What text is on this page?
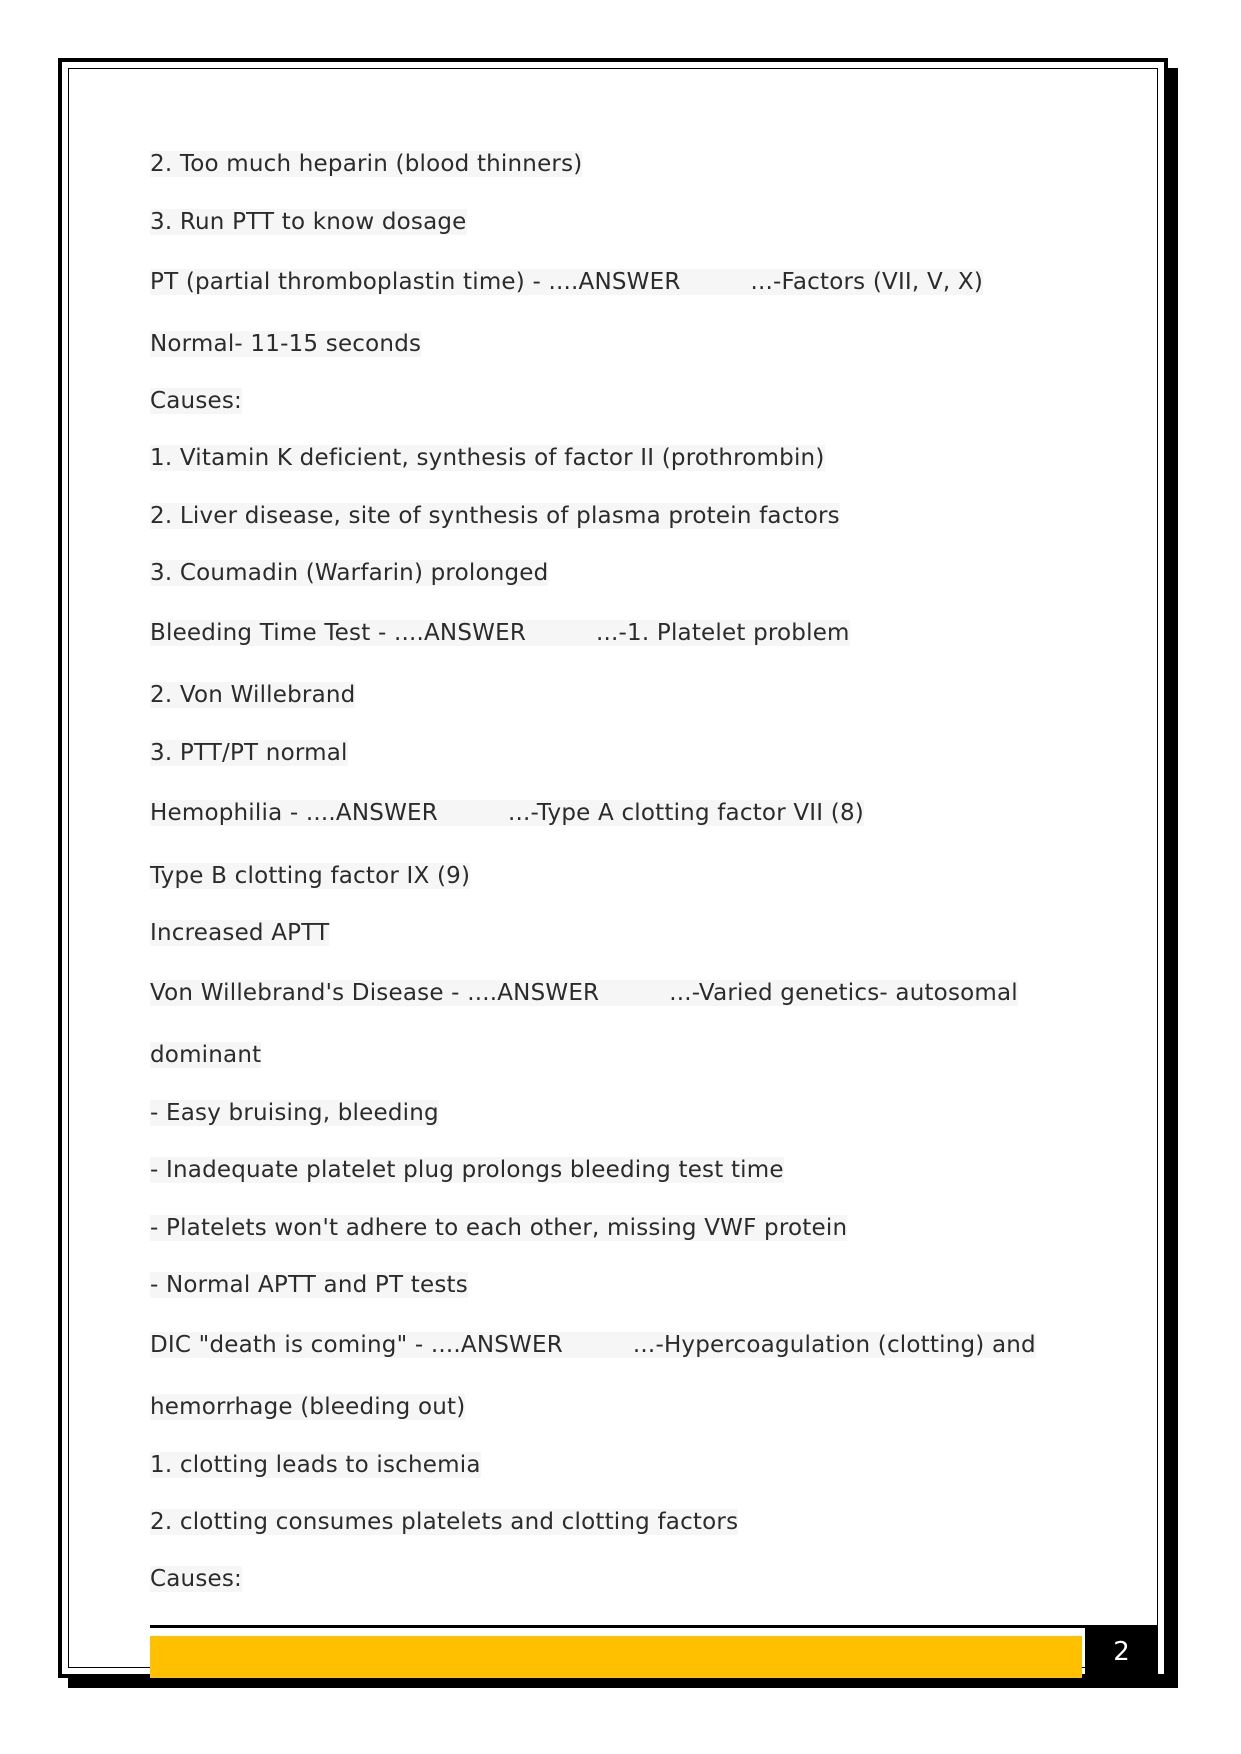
2. Too much heparin (blood thinners)
3. Run PTT to know dosage
PT (partial thromboplastin time) - ....ANSWER	...-Factors (VII, V, X)
Normal- 11-15 seconds
Causes:
1. Vitamin K deficient, synthesis of factor II (prothrombin)
2. Liver disease, site of synthesis of plasma protein factors
3. Coumadin (Warfarin) prolonged
Bleeding Time Test - ....ANSWER	...-1. Platelet problem
2. Von Willebrand
3. PTT/PT normal
Hemophilia - ....ANSWER	...-Type A clotting factor VII (8)
Type B clotting factor IX (9)
Increased APTT
Von Willebrand's Disease - ....ANSWER	...-Varied genetics- autosomal
dominant
- Easy bruising, bleeding
- Inadequate platelet plug prolongs bleeding test time
- Platelets won't adhere to each other, missing VWF protein
- Normal APTT and PT tests
DIC "death is coming" - ....ANSWER	...-Hypercoagulation (clotting) and
hemorrhage (bleeding out)
1. clotting leads to ischemia
2. clotting consumes platelets and clotting factors
Causes:
2
